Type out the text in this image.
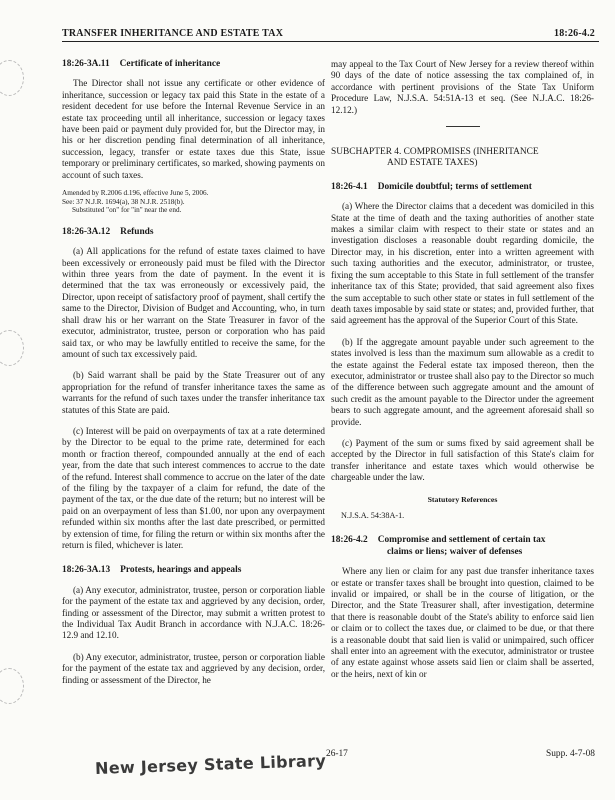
TRANSFER INHERITANCE AND ESTATE TAX	18:26-4.2
18:26-3A.11 Certificate of inheritance

The Director shall not issue any certificate or other evidence of inheritance, succession or legacy tax paid this State in the estate of a resident decedent for use before the Internal Revenue Service in an estate tax proceeding until all inheritance, succession or legacy taxes have been paid or payment duly provided for, but the Director may, in his or her discretion pending final determination of all inheritance, succession, legacy, transfer or estate taxes due this State, issue temporary or preliminary certificates, so marked, showing payments on account of such taxes.

Amended by R.2006 d.196, effective June 5, 2006.
See: 37 N.J.R. 1694(a), 38 N.J.R. 2518(b).
Substituted "on" for "in" near the end.
18:26-3A.12 Refunds

(a) All applications for the refund of estate taxes claimed to have been excessively or erroneously paid must be filed with the Director within three years from the date of payment. In the event it is determined that the tax was erroneously or excessively paid, the Director, upon receipt of satisfactory proof of payment, shall certify the same to the Director, Division of Budget and Accounting, who, in turn shall draw his or her warrant on the State Treasurer in favor of the executor, administrator, trustee, person or corporation who has paid said tax, or who may be lawfully entitled to receive the same, for the amount of such tax excessively paid.

(b) Said warrant shall be paid by the State Treasurer out of any appropriation for the refund of transfer inheritance taxes the same as warrants for the refund of such taxes under the transfer inheritance tax statutes of this State are paid.

(c) Interest will be paid on overpayments of tax at a rate determined by the Director to be equal to the prime rate, determined for each month or fraction thereof, compounded annually at the end of each year, from the date that such interest commences to accrue to the date of the refund. Interest shall commence to accrue on the later of the date of the filing by the taxpayer of a claim for refund, the date of the payment of the tax, or the due date of the return; but no interest will be paid on an overpayment of less than $1.00, nor upon any overpayment refunded within six months after the last date prescribed, or permitted by extension of time, for filing the return or within six months after the return is filed, whichever is later.

18:26-3A.13 Protests, hearings and appeals

(a) Any executor, administrator, trustee, person or corporation liable for the payment of the estate tax and aggrieved by any decision, order, finding or assessment of the Director, may submit a written protest to the Individual Tax Audit Branch in accordance with N.J.A.C. 18:26-12.9 and 12.10.

(b) Any executor, administrator, trustee, person or corporation liable for the payment of the estate tax and aggrieved by any decision, order, finding or assessment of the Director, he

may appeal to the Tax Court of New Jersey for a review thereof within 90 days of the date of notice assessing the tax complained of, in accordance with pertinent provisions of the State Tax Uniform Procedure Law, N.J.S.A. 54:51A-13 et seq. (See N.J.A.C. 18:26-12.12.)

SUBCHAPTER 4. COMPROMISES (INHERITANCE
AND ESTATE TAXES)
18:26-4.1 Domicile doubtful; terms of settlement

(a) Where the Director claims that a decedent was domiciled in this State at the time of death and the taxing authorities of another state makes a similar claim with respect to their state or states and an investigation discloses a reasonable doubt regarding domicile, the Director may, in his discretion, enter into a written agreement with such taxing authorities and the executor, administrator, or trustee, fixing the sum acceptable to this State in full settlement of the transfer inheritance tax of this State; provided, that said agreement also fixes the sum acceptable to such other state or states in full settlement of the death taxes imposable by said state or states; and, provided further, that said agreement has the approval of the Superior Court of this State.

(b) If the aggregate amount payable under such agreement to the states involved is less than the maximum sum allowable as a credit to the estate against the Federal estate tax imposed thereon, then the executor, administrator or trustee shall also pay to the Director so much of the difference between such aggregate amount and the amount of such credit as the amount payable to the Director under the agreement bears to such aggregate amount, and the agreement aforesaid shall so provide.

(c) Payment of the sum or sums fixed by said agreement shall be accepted by the Director in full satisfaction of this State's claim for transfer inheritance and estate taxes which would otherwise be chargeable under the law.

Statutory References
N.J.S.A. 54:38A-1.
18:26-4.2 Compromise and settlement of certain tax
claims or liens; waiver of defenses

Where any lien or claim for any past due transfer inheritance taxes or estate or transfer taxes shall be brought into question, claimed to be invalid or impaired, or shall be in the course of litigation, or the Director, and the State Treasurer shall, after investigation, determine that there is reasonable doubt of the State's ability to enforce said lien or claim or to collect the taxes due, or claimed to be due, or that there is a reasonable doubt that said lien is valid or unimpaired, such officer shall enter into an agreement with the executor, administrator or trustee of any estate against whose assets said lien or claim shall be asserted, or the heirs, next of kin or

26-17	Supp. 4-7-08
New Jersey State Library
